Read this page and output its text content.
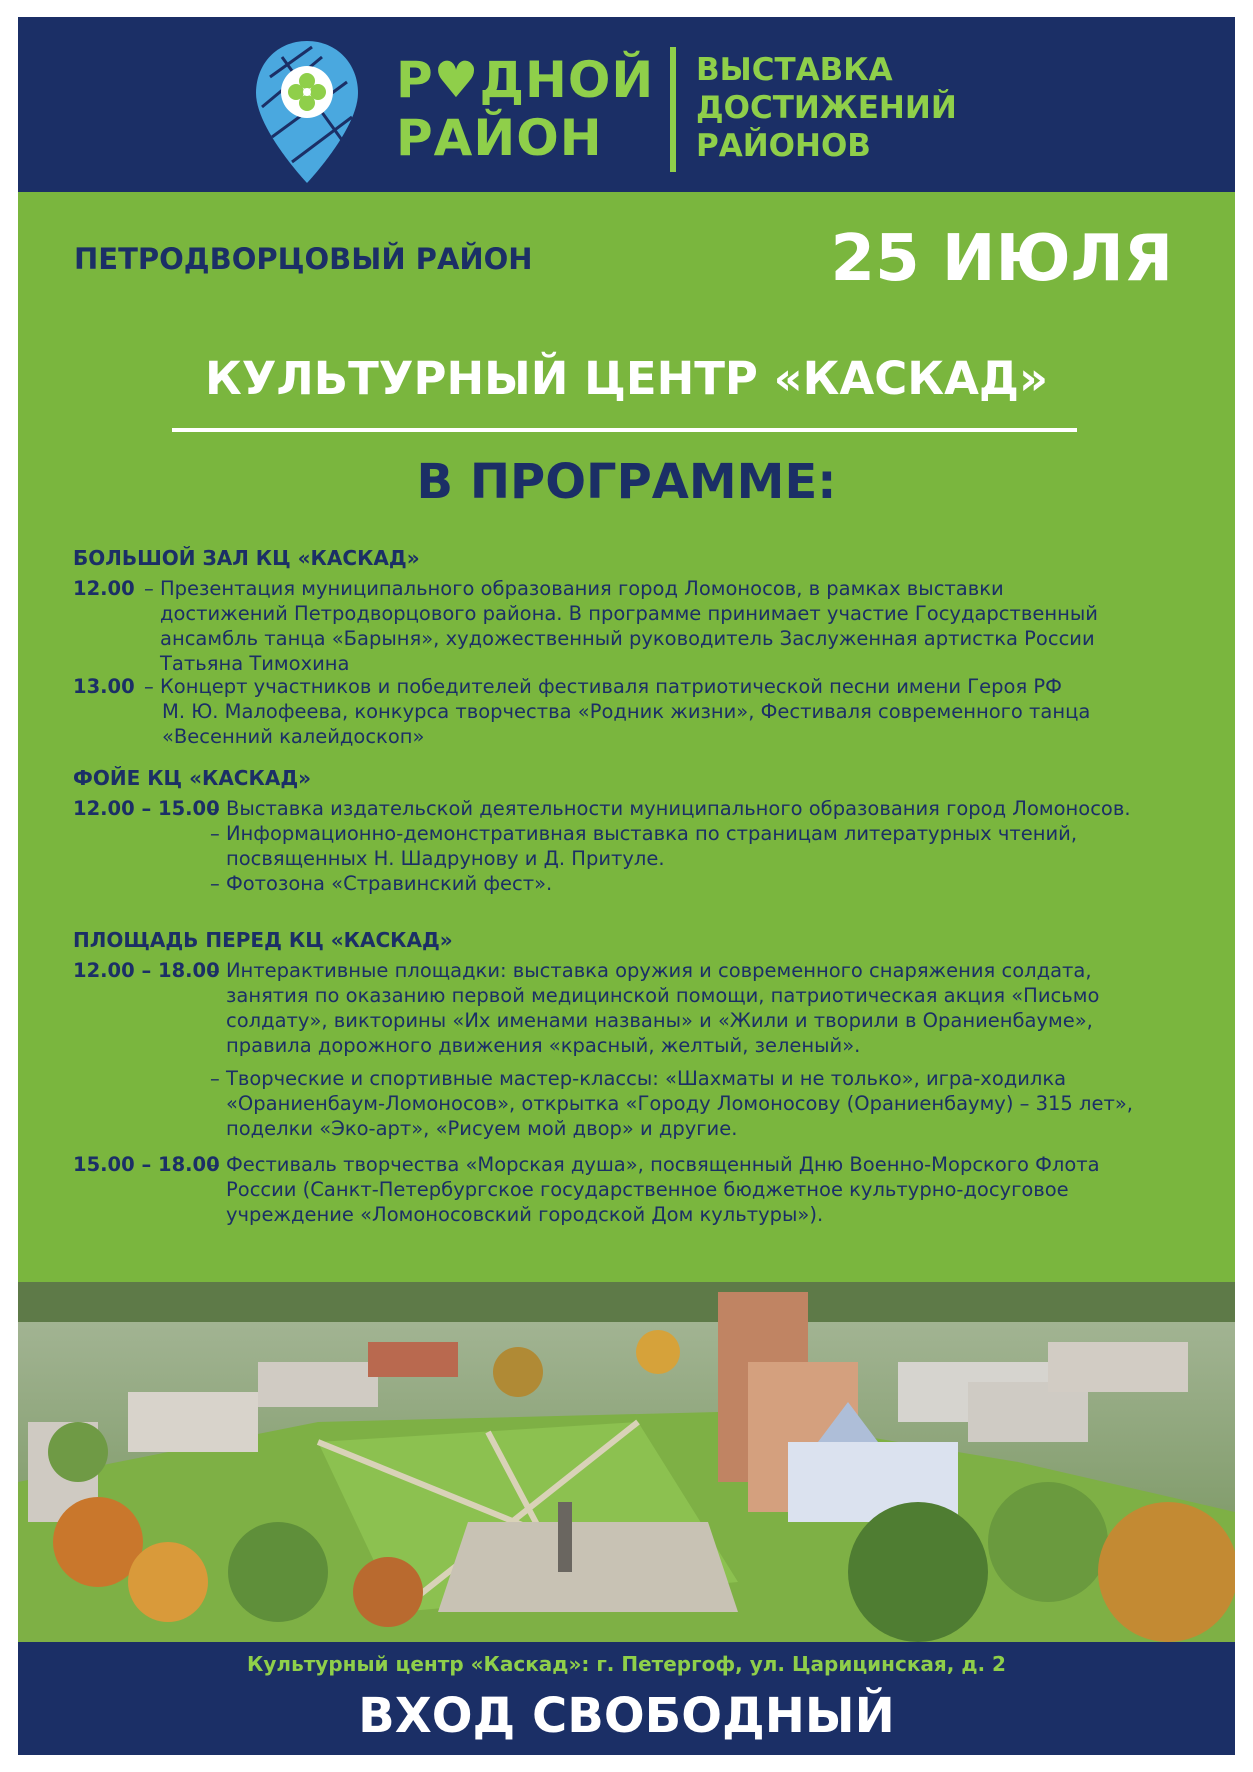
Р♥ДНОЙ
РАЙОН
ВЫСТАВКА
ДОСТИЖЕНИЙ
РАЙОНОВ
ПЕТРОДВОРЦОВЫЙ РАЙОН	25 ИЮЛЯ
КУЛЬТУРНЫЙ ЦЕНТР «КАСКАД»
В ПРОГРАММЕ:
БОЛЬШОЙ ЗАЛ КЦ «КАСКАД»
12.00 – Презентация муниципального образования город Ломоносов, в рамках выставки
достижений Петродворцового района. В программе принимает участие Государственный
ансамбль танца «Барыня», художественный руководитель Заслуженная артистка России
Татьяна Тимохина
13.00 – Концерт участников и победителей фестиваля патриотической песни имени Героя РФ
М. Ю. Малофеева, конкурса творчества «Родник жизни», Фестиваля современного танца
«Весенний калейдоскоп»
ФОЙЕ КЦ «КАСКАД»
12.00 – 15.00
– Выставка издательской деятельности муниципального образования город Ломоносов.
– Информационно-демонстративная выставка по страницам литературных чтений,
посвященных Н. Шадрунову и Д. Притуле.
– Фотозона «Стравинский фест».
ПЛОЩАДЬ ПЕРЕД КЦ «КАСКАД»
12.00 – 18.00
– Интерактивные площадки: выставка оружия и современного снаряжения солдата,
занятия по оказанию первой медицинской помощи, патриотическая акция «Письмо
солдату», викторины «Их именами названы» и «Жили и творили в Ораниенбауме»,
правила дорожного движения «красный, желтый, зеленый».
– Творческие и спортивные мастер-классы: «Шахматы и не только», игра-ходилка
«Ораниенбаум-Ломоносов», открытка «Городу Ломоносову (Ораниенбауму) – 315 лет»,
поделки «Эко-арт», «Рисуем мой двор» и другие.
15.00 – 18.00
– Фестиваль творчества «Морская душа», посвященный Дню Военно-Морского Флота
России (Санкт-Петербургское государственное бюджетное культурно-досуговое
учреждение «Ломоносовский городской Дом культуры»).
Культурный центр «Каскад»: г. Петергоф, ул. Царицинская, д. 2
ВХОД СВОБОДНЫЙ
